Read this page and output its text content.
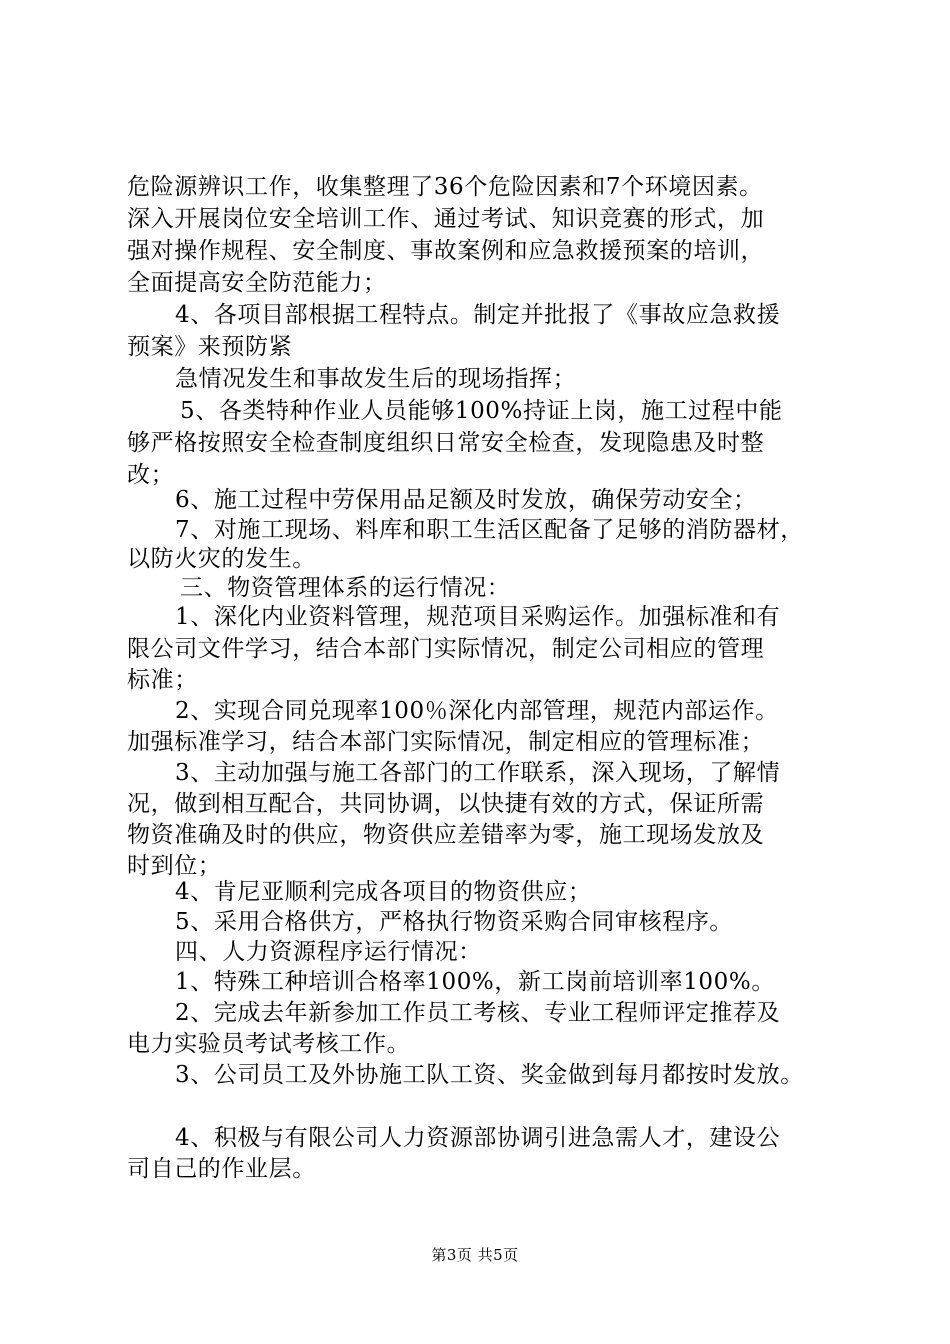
危险源辨识工作，收集整理了36个危险因素和7个环境因素。
深入开展岗位安全培训工作、通过考试、知识竞赛的形式，加
强对操作规程、安全制度、事故案例和应急救援预案的培训，
全面提高安全防范能力；
4、各项目部根据工程特点。制定并批报了《事故应急救援
预案》来预防紧
急情况发生和事故发生后的现场指挥；
5、各类特种作业人员能够100%持证上岗，施工过程中能
够严格按照安全检查制度组织日常安全检查，发现隐患及时整
改；
6、施工过程中劳保用品足额及时发放，确保劳动安全；
7、对施工现场、料库和职工生活区配备了足够的消防器材，
以防火灾的发生。
三、物资管理体系的运行情况：
1、深化内业资料管理，规范项目采购运作。加强标准和有
限公司文件学习，结合本部门实际情况，制定公司相应的管理
标准；
2、实现合同兑现率100％深化内部管理，规范内部运作。
加强标准学习，结合本部门实际情况，制定相应的管理标准；
3、主动加强与施工各部门的工作联系，深入现场，了解情
况，做到相互配合，共同协调，以快捷有效的方式，保证所需
物资准确及时的供应，物资供应差错率为零，施工现场发放及
时到位；
4、肯尼亚顺利完成各项目的物资供应；
5、采用合格供方，严格执行物资采购合同审核程序。
四、人力资源程序运行情况：
1、特殊工种培训合格率100%，新工岗前培训率100%。
2、完成去年新参加工作员工考核、专业工程师评定推荐及
电力实验员考试考核工作。
3、公司员工及外协施工队工资、奖金做到每月都按时发放。
4、积极与有限公司人力资源部协调引进急需人才，建设公
司自己的作业层。
第3页 共5页
